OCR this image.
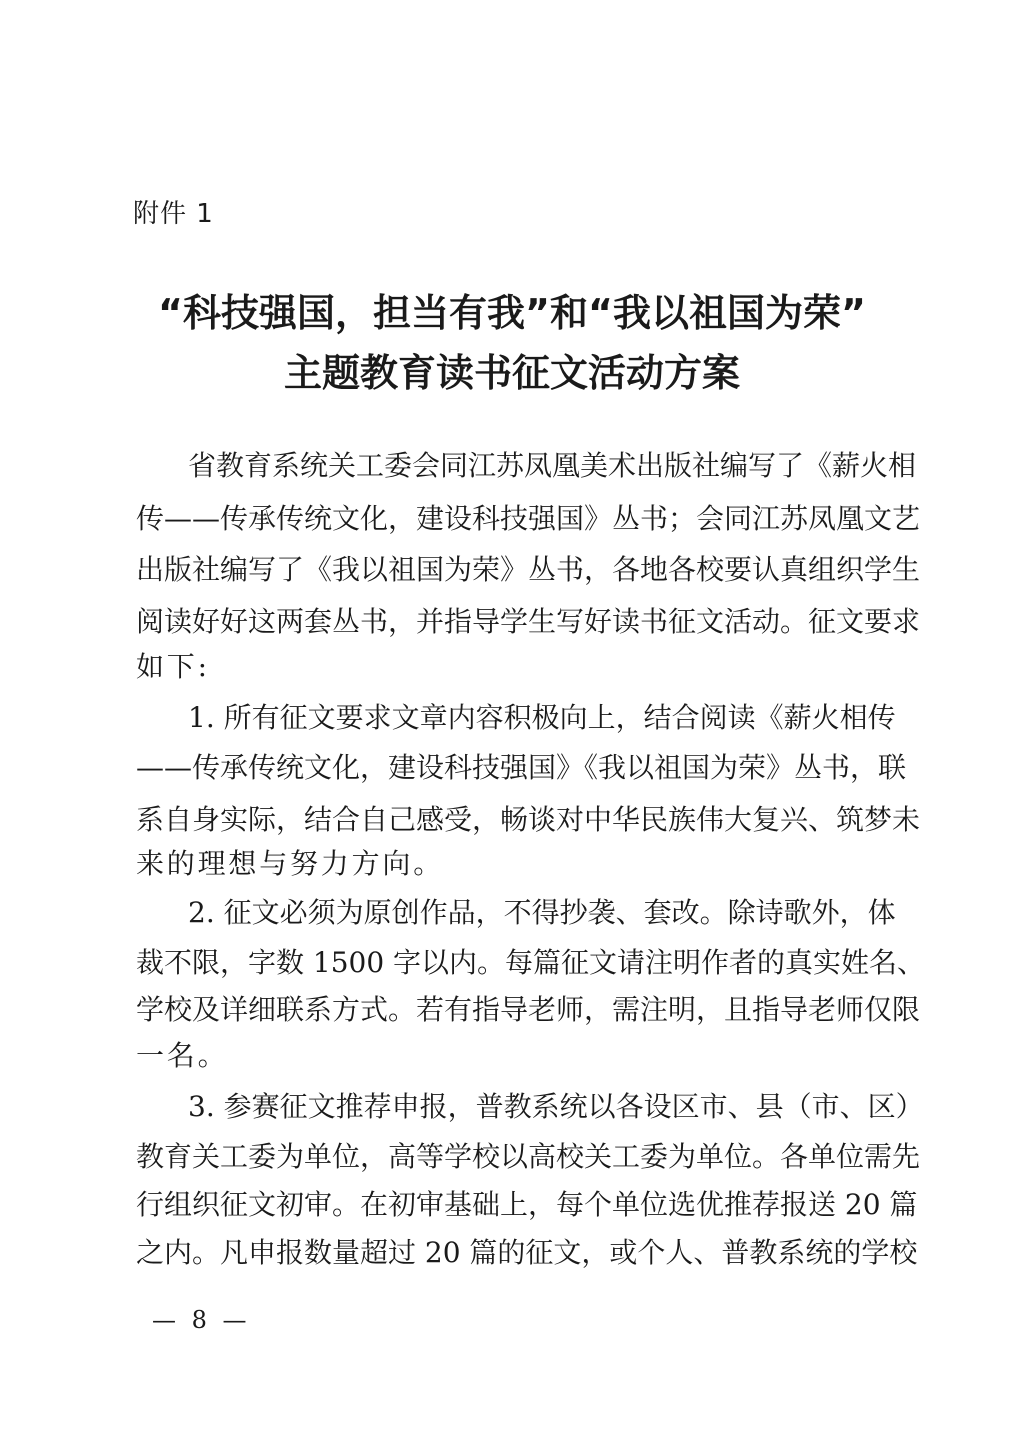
附件 1
“科技强国，担当有我”和“我以祖国为荣”
主题教育读书征文活动方案
省教育系统关工委会同江苏凤凰美术出版社编写了《薪火相
传——传承传统文化，建设科技强国》丛书；会同江苏凤凰文艺
出版社编写了《我以祖国为荣》丛书，各地各校要认真组织学生
阅读好好这两套丛书，并指导学生写好读书征文活动。征文要求
如下:
1. 所有征文要求文章内容积极向上，结合阅读《薪火相传
——传承传统文化，建设科技强国》《我以祖国为荣》丛书，联
系自身实际，结合自己感受，畅谈对中华民族伟大复兴、筑梦未
来的理想与努力方向。
2. 征文必须为原创作品，不得抄袭、套改。除诗歌外，体
裁不限，字数 1500 字以内。每篇征文请注明作者的真实姓名、
学校及详细联系方式。若有指导老师，需注明，且指导老师仅限
一名。
3. 参赛征文推荐申报，普教系统以各设区市、县（市、区）
教育关工委为单位，高等学校以高校关工委为单位。各单位需先
行组织征文初审。在初审基础上，每个单位选优推荐报送 20 篇
之内。凡申报数量超过 20 篇的征文，或个人、普教系统的学校
— 8 —
